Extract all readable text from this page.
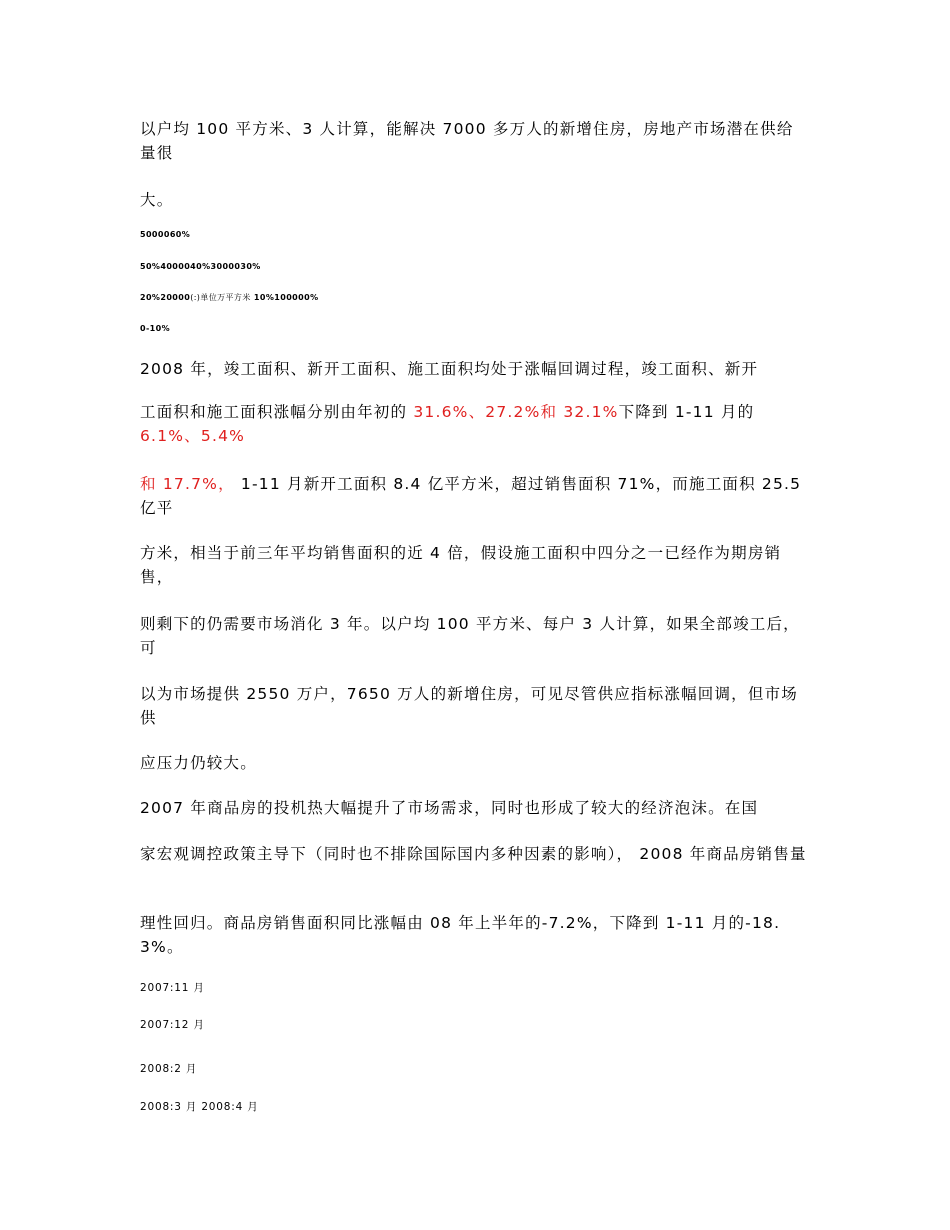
以户均 100 平方米、3 人计算，能解决 7000 多万人的新增住房，房地产市场潜在供给量很
大。
5000060%
50%4000040%3000030%
20%20000(:)单位万平方米 10%100000%
0-10%
2008 年，竣工面积、新开工面积、施工面积均处于涨幅回调过程，竣工面积、新开
工面积和施工面积涨幅分别由年初的 31.6%、27.2%和 32.1%下降到 1-11 月的
6.1%、5.4%
和 17.7%， 1-11 月新开工面积 8.4 亿平方米，超过销售面积 71%，而施工面积 25.5 亿平
方米，相当于前三年平均销售面积的近 4 倍，假设施工面积中四分之一已经作为期房销售，
则剩下的仍需要市场消化 3 年。以户均 100 平方米、每户 3 人计算，如果全部竣工后，可
以为市场提供 2550 万户，7650 万人的新增住房，可见尽管供应指标涨幅回调，但市场供
应压力仍较大。
2007 年商品房的投机热大幅提升了市场需求，同时也形成了较大的经济泡沫。在国
家宏观调控政策主导下（同时也不排除国际国内多种因素的影响）， 2008 年商品房销售量
理性回归。商品房销售面积同比涨幅由 08 年上半年的-7.2%，下降到 1-11 月的-18.3%。
2007:11 月
2007:12 月
2008:2 月
2008:3 月 2008:4 月
